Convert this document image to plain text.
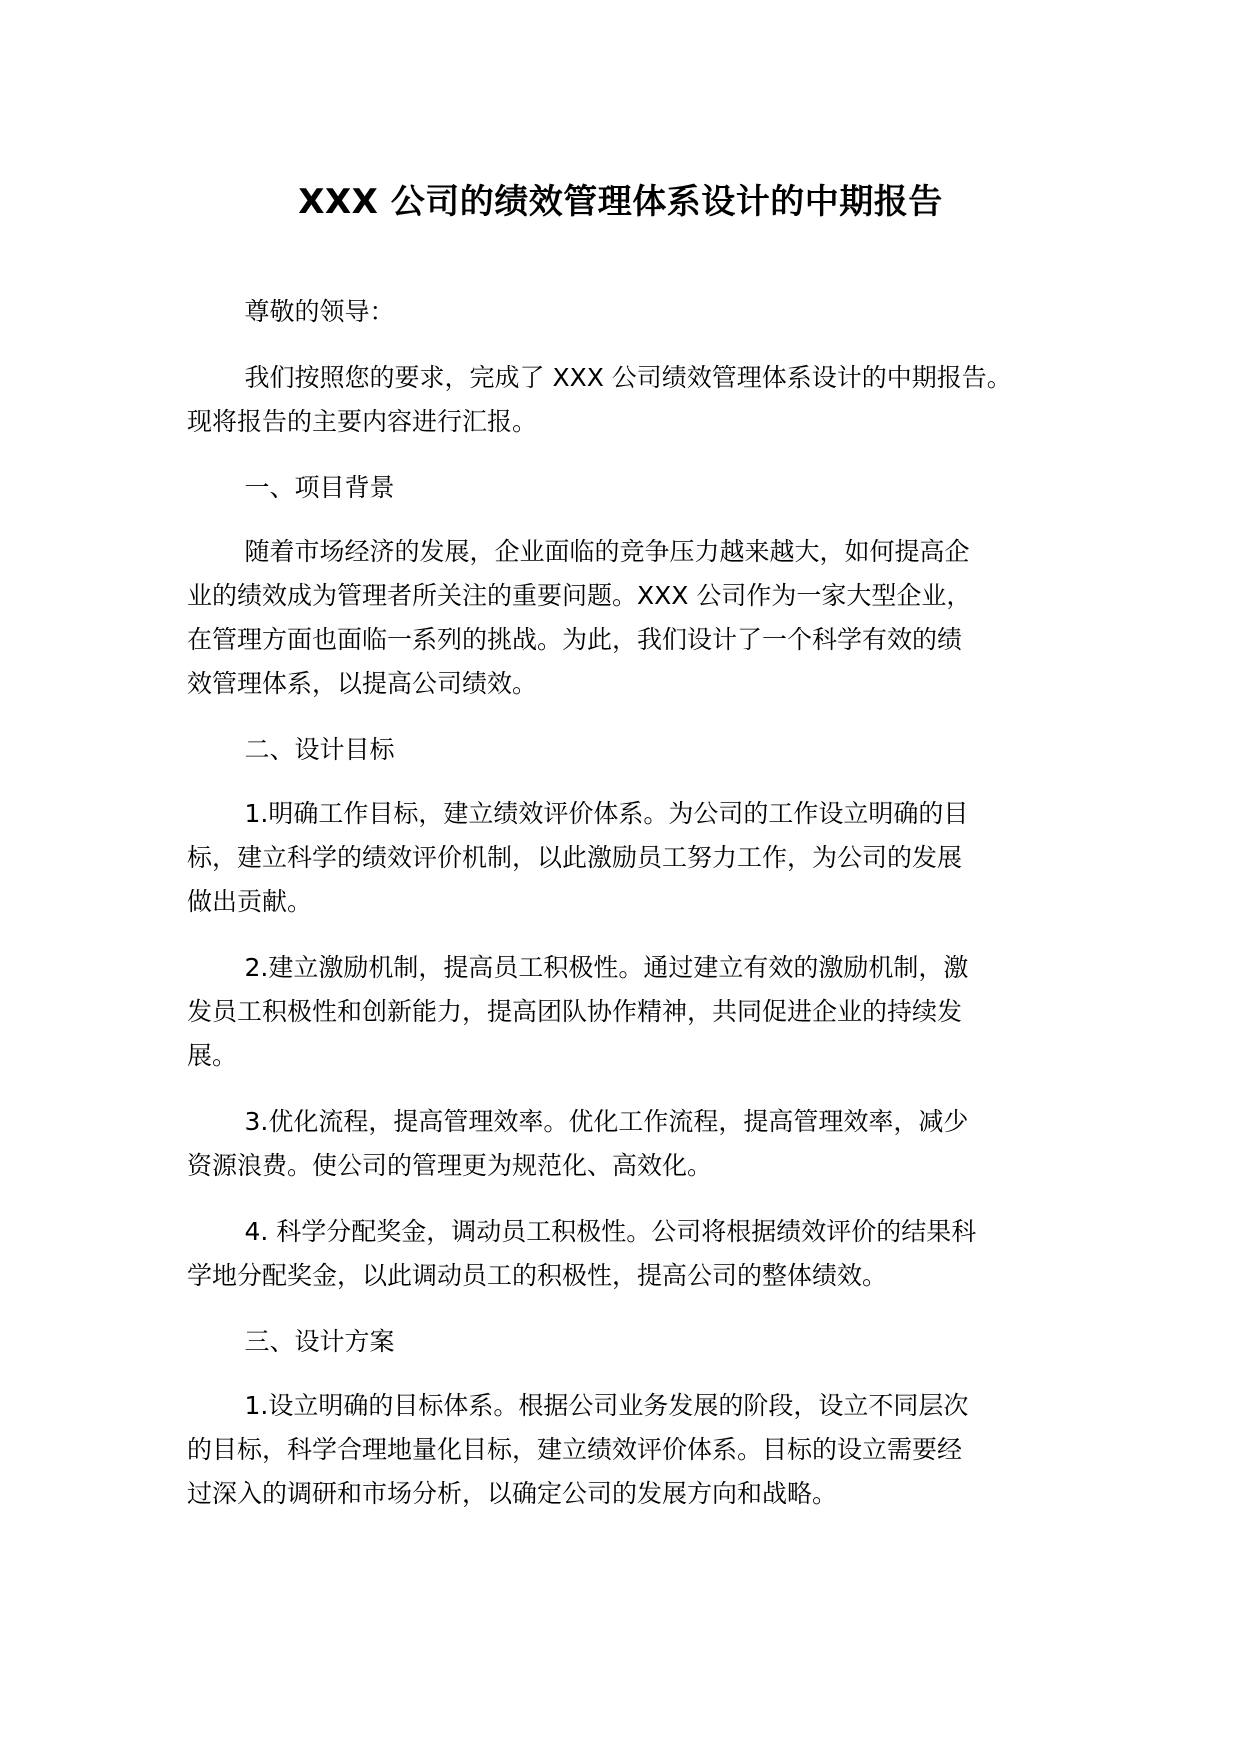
XXX 公司的绩效管理体系设计的中期报告

尊敬的领导：

我们按照您的要求，完成了 XXX 公司绩效管理体系设计的中期报告。
现将报告的主要内容进行汇报。

一、项目背景

随着市场经济的发展，企业面临的竞争压力越来越大，如何提高企
业的绩效成为管理者所关注的重要问题。XXX 公司作为一家大型企业，
在管理方面也面临一系列的挑战。为此，我们设计了一个科学有效的绩
效管理体系，以提高公司绩效。

二、设计目标

1.明确工作目标，建立绩效评价体系。为公司的工作设立明确的目
标，建立科学的绩效评价机制，以此激励员工努力工作，为公司的发展
做出贡献。

2.建立激励机制，提高员工积极性。通过建立有效的激励机制，激
发员工积极性和创新能力，提高团队协作精神，共同促进企业的持续发
展。

3.优化流程，提高管理效率。优化工作流程，提高管理效率，减少
资源浪费。使公司的管理更为规范化、高效化。

4. 科学分配奖金，调动员工积极性。公司将根据绩效评价的结果科
学地分配奖金，以此调动员工的积极性，提高公司的整体绩效。

三、设计方案

1.设立明确的目标体系。根据公司业务发展的阶段，设立不同层次
的目标，科学合理地量化目标，建立绩效评价体系。目标的设立需要经
过深入的调研和市场分析，以确定公司的发展方向和战略。
